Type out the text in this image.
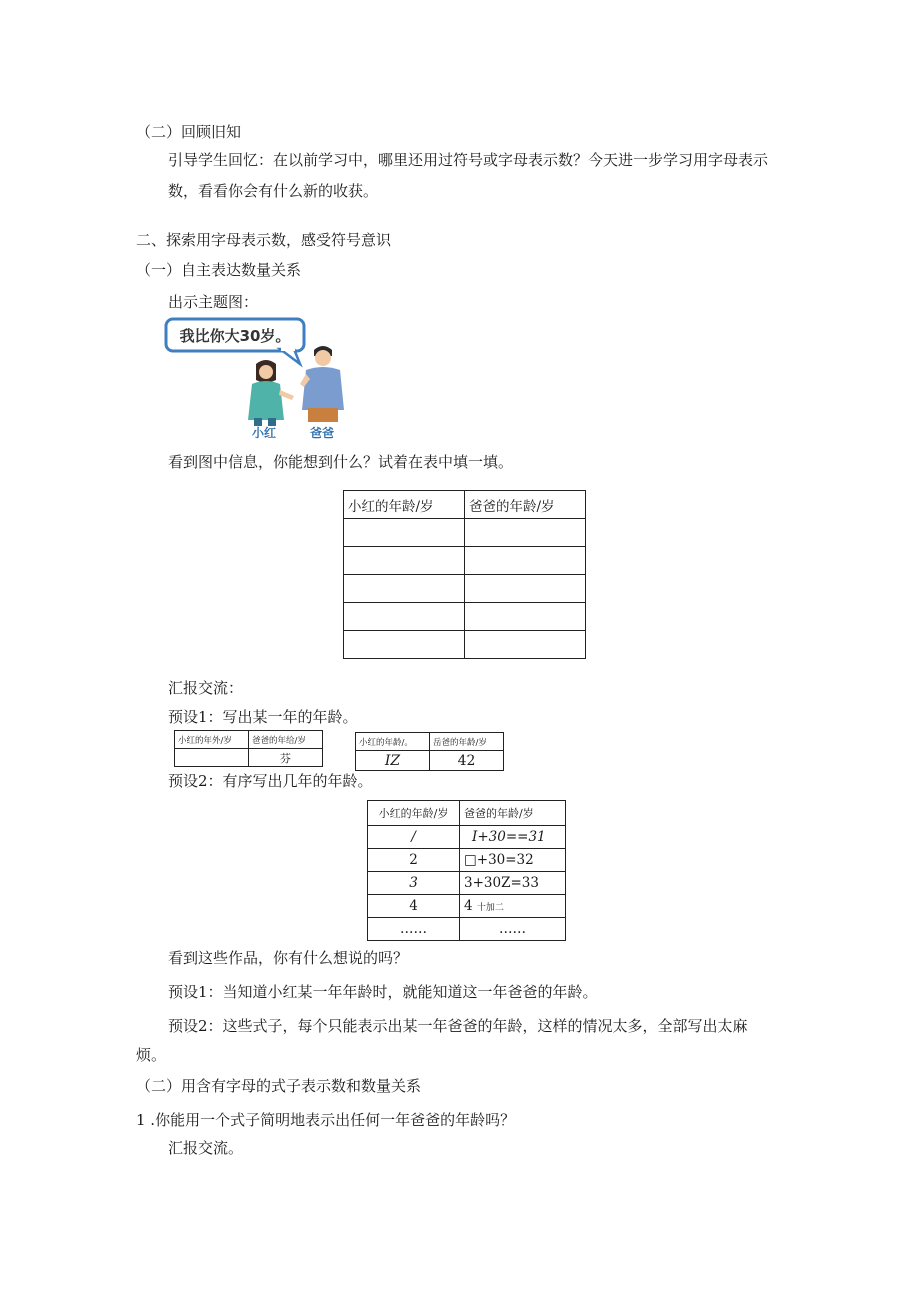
（二）回顾旧知
引导学生回忆：在以前学习中，哪里还用过符号或字母表示数？今天进一步学习用字母表示
数，看看你会有什么新的收获。
二、探索用字母表示数，感受符号意识
（一）自主表达数量关系
出示主题图：
我比你大30岁。
小红	爸爸
看到图中信息，你能想到什么？试着在表中填一填。
小红的年龄/岁	爸爸的年龄/岁

汇报交流：
预设1：写出某一年的年龄。
小红的年外/岁	爸爸的年给/岁
	芬
小红的年龄/。	岳爸的年龄/岁
IZ	42
预设2：有序写出几年的年龄。
小红的年龄/岁	爸爸的年龄/岁
/	I+30==31
2	□+30=32
3	3+30Z=33
4	4 十加二
……	……
看到这些作品，你有什么想说的吗？
预设1：当知道小红某一年年龄时，就能知道这一年爸爸的年龄。
预设2：这些式子，每个只能表示出某一年爸爸的年龄，这样的情况太多，全部写出太麻
烦。
（二）用含有字母的式子表示数和数量关系
1 .你能用一个式子简明地表示出任何一年爸爸的年龄吗？
汇报交流。
